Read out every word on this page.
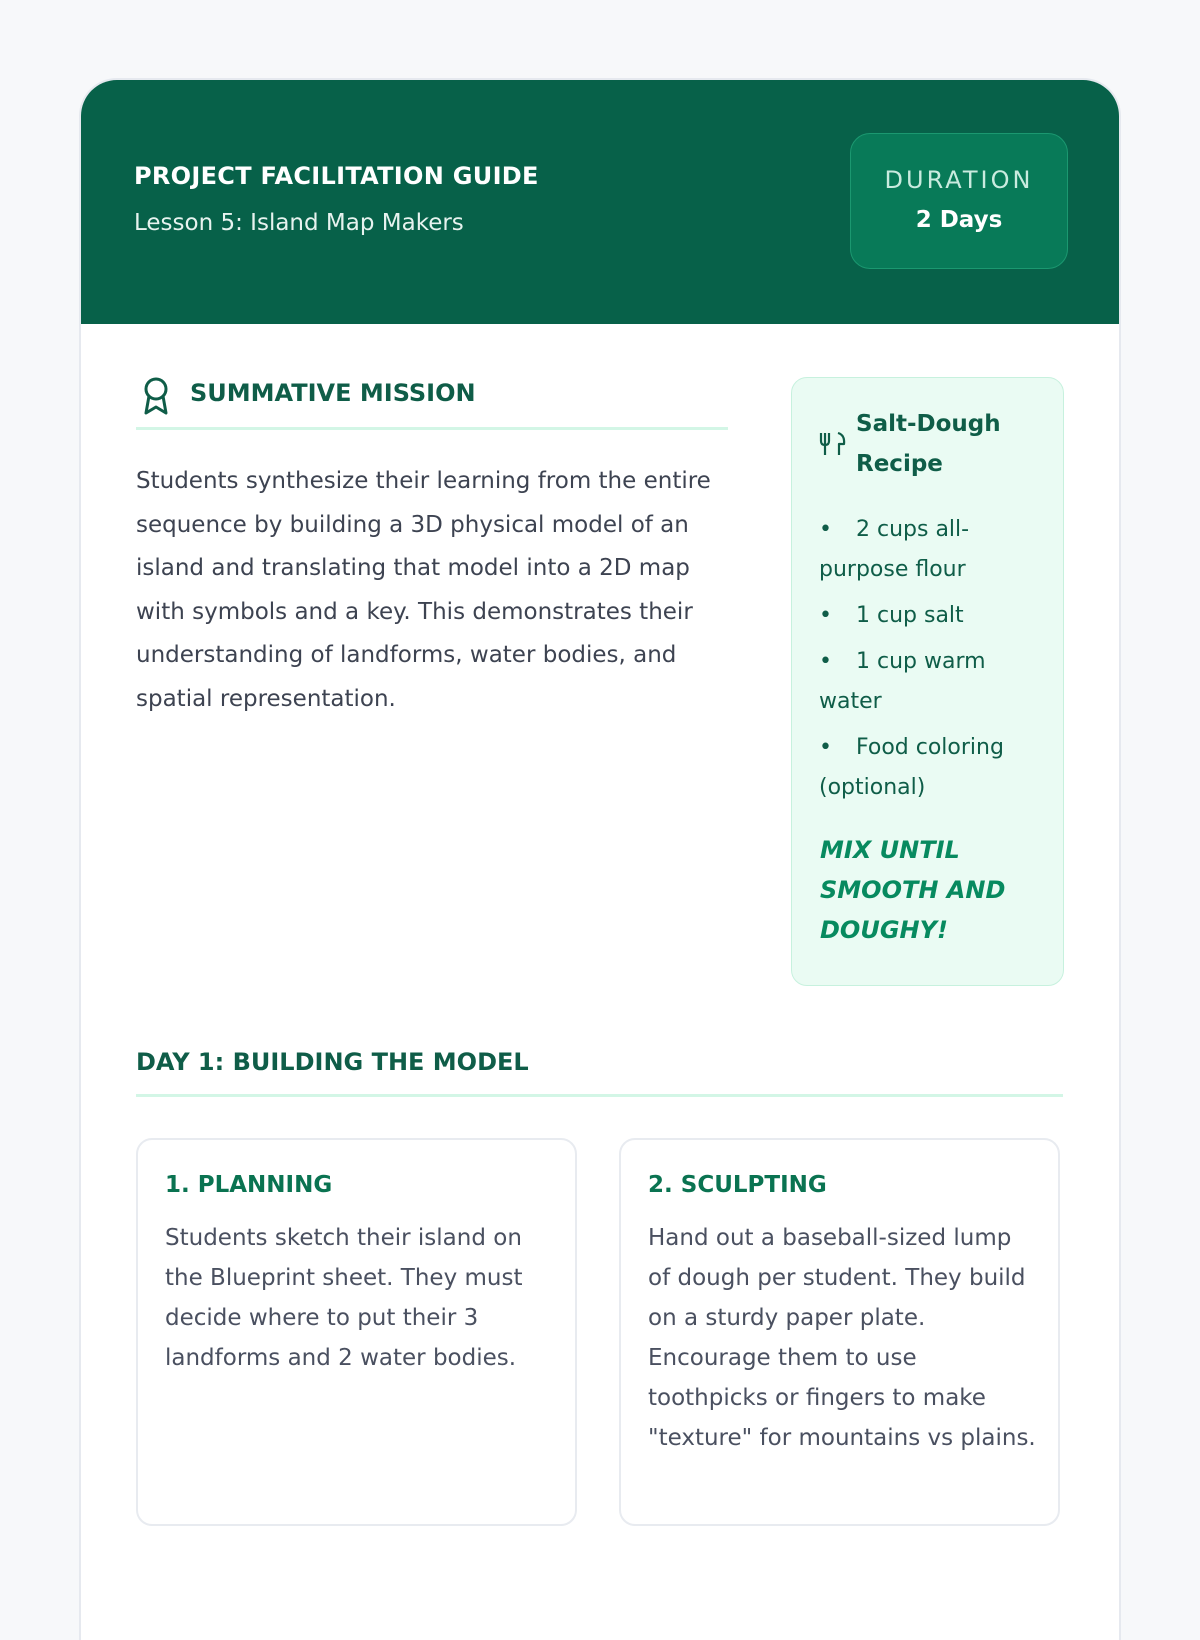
PROJECT FACILITATION GUIDE
Lesson 5: Island Map Makers
DURATION
2 Days
SUMMATIVE MISSION

Students synthesize their learning from the entire sequence by building a 3D physical model of an island and translating that model into a 2D map with symbols and a key. This demonstrates their understanding of landforms, water bodies, and spatial representation.

Salt-Dough Recipe
• 2 cups all-purpose flour
• 1 cup salt
• 1 cup warm water
• Food coloring (optional)
MIX UNTIL SMOOTH AND DOUGHY!
DAY 1: BUILDING THE MODEL
1. PLANNING

Students sketch their island on the Blueprint sheet. They must decide where to put their 3 landforms and 2 water bodies.

2. SCULPTING

Hand out a baseball-sized lump of dough per student. They build on a sturdy paper plate. Encourage them to use toothpicks or fingers to make "texture" for mountains vs plains.
